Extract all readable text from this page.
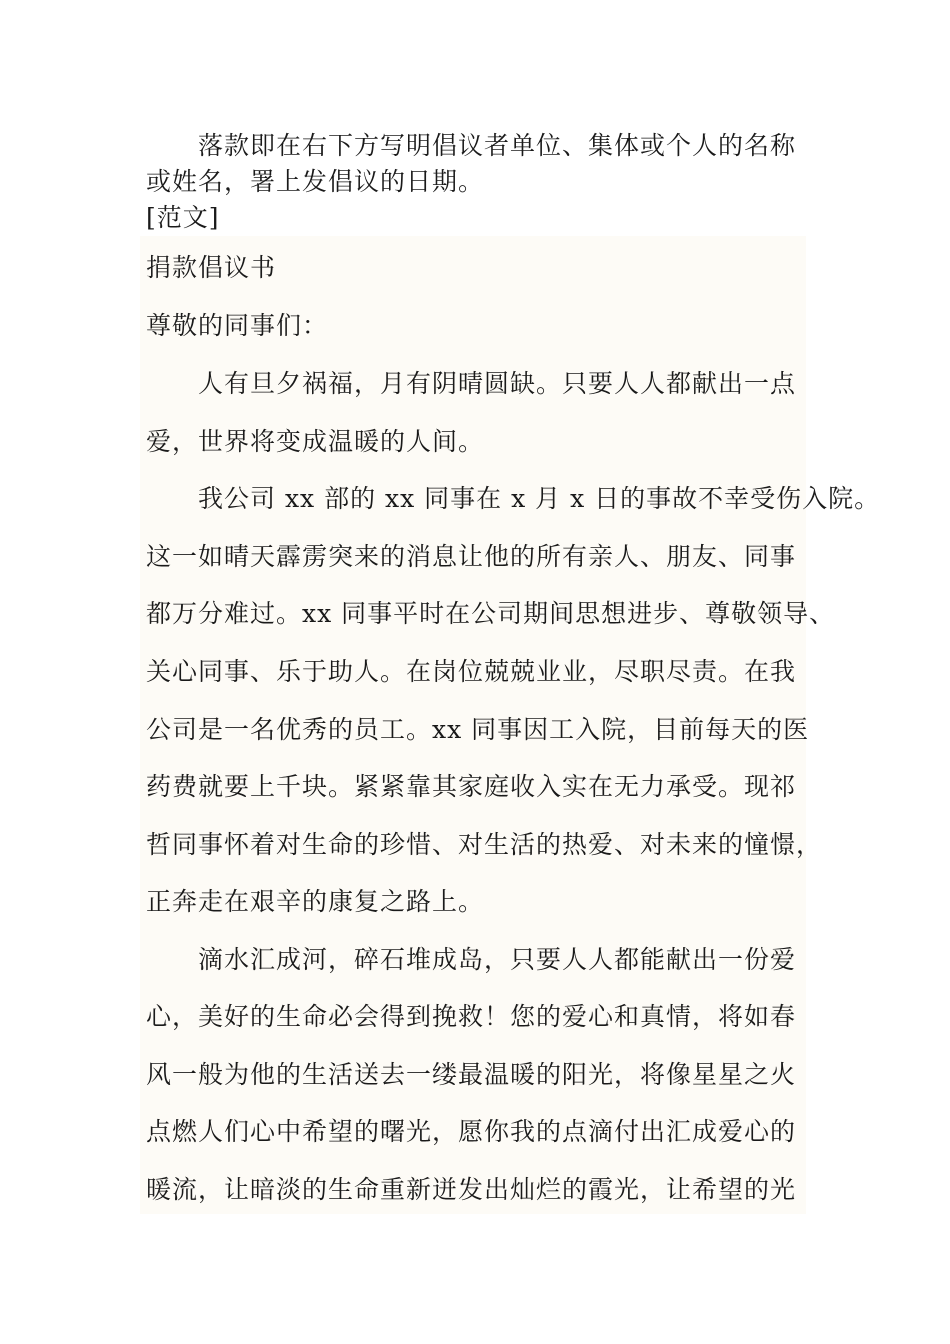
落款即在右下方写明倡议者单位、集体或个人的名称
或姓名，署上发倡议的日期。
[范文]
捐款倡议书
尊敬的同事们：
人有旦夕祸福，月有阴晴圆缺。只要人人都献出一点
爱，世界将变成温暖的人间。
我公司 xx 部的 xx 同事在 x 月 x 日的事故不幸受伤入院。
这一如晴天霹雳突来的消息让他的所有亲人、朋友、同事
都万分难过。xx 同事平时在公司期间思想进步、尊敬领导、
关心同事、乐于助人。在岗位兢兢业业，尽职尽责。在我
公司是一名优秀的员工。xx 同事因工入院，目前每天的医
药费就要上千块。紧紧靠其家庭收入实在无力承受。现祁
哲同事怀着对生命的珍惜、对生活的热爱、对未来的憧憬，
正奔走在艰辛的康复之路上。
滴水汇成河，碎石堆成岛，只要人人都能献出一份爱
心，美好的生命必会得到挽救！您的爱心和真情，将如春
风一般为他的生活送去一缕最温暖的阳光，将像星星之火
点燃人们心中希望的曙光，愿你我的点滴付出汇成爱心的
暖流，让暗淡的生命重新迸发出灿烂的霞光，让希望的光
